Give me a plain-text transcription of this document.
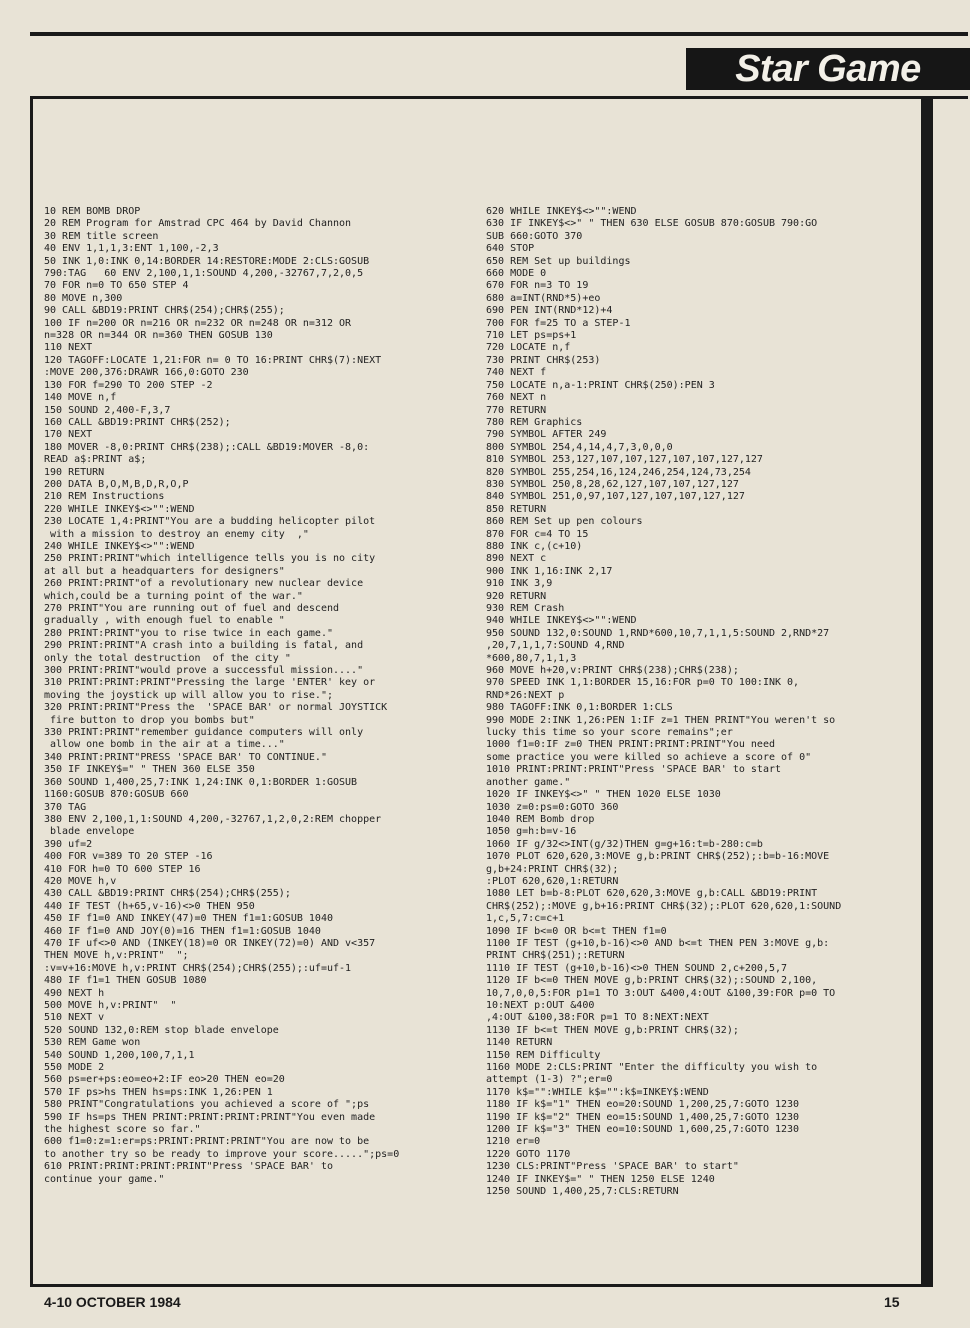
Star Game
10 REM BOMB DROP
20 REM Program for Amstrad CPC 464 by David Channon
30 REM title screen
40 ENV 1,1,1,3:ENT 1,100,-2,3
50 INK 1,0:INK 0,14:BORDER 14:RESTORE:MODE 2:CLS:GOSUB
790:TAG   60 ENV 2,100,1,1:SOUND 4,200,-32767,7,2,0,5
70 FOR n=0 TO 650 STEP 4
80 MOVE n,300
90 CALL &BD19:PRINT CHR$(254);CHR$(255);
100 IF n=200 OR n=216 OR n=232 OR n=248 OR n=312 OR
n=328 OR n=344 OR n=360 THEN GOSUB 130
110 NEXT
120 TAGOFF:LOCATE 1,21:FOR n= 0 TO 16:PRINT CHR$(7):NEXT
:MOVE 200,376:DRAWR 166,0:GOTO 230
130 FOR f=290 TO 200 STEP -2
140 MOVE n,f
150 SOUND 2,400-F,3,7
160 CALL &BD19:PRINT CHR$(252);
170 NEXT
180 MOVER -8,0:PRINT CHR$(238);:CALL &BD19:MOVER -8,0:
READ a$:PRINT a$;
190 RETURN
200 DATA B,O,M,B,D,R,O,P
210 REM Instructions
220 WHILE INKEY$<>"":WEND
230 LOCATE 1,4:PRINT"You are a budding helicopter pilot
with a mission to destroy an enemy city  ,"
240 WHILE INKEY$<>"":WEND
250 PRINT:PRINT"which intelligence tells you is no city
at all but a headquarters for designers"
260 PRINT:PRINT"of a revolutionary new nuclear device
which,could be a turning point of the war."
270 PRINT"You are running out of fuel and descend
gradually , with enough fuel to enable "
280 PRINT:PRINT"you to rise twice in each game."
290 PRINT:PRINT"A crash into a building is fatal, and
only the total destruction  of the city "
300 PRINT:PRINT"would prove a successful mission...."
310 PRINT:PRINT:PRINT"Pressing the large 'ENTER' key or
moving the joystick up will allow you to rise.";
320 PRINT:PRINT"Press the  'SPACE BAR' or normal JOYSTICK
fire button to drop you bombs but"
330 PRINT:PRINT"remember guidance computers will only
allow one bomb in the air at a time..."
340 PRINT:PRINT"PRESS 'SPACE BAR' TO CONTINUE."
350 IF INKEY$=" " THEN 360 ELSE 350
360 SOUND 1,400,25,7:INK 1,24:INK 0,1:BORDER 1:GOSUB
1160:GOSUB 870:GOSUB 660
370 TAG
380 ENV 2,100,1,1:SOUND 4,200,-32767,1,2,0,2:REM chopper
blade envelope
390 uf=2
400 FOR v=389 TO 20 STEP -16
410 FOR h=0 TO 600 STEP 16
420 MOVE h,v
430 CALL &BD19:PRINT CHR$(254);CHR$(255);
440 IF TEST (h+65,v-16)<>0 THEN 950
450 IF f1=0 AND INKEY(47)=0 THEN f1=1:GOSUB 1040
460 IF f1=0 AND JOY(0)=16 THEN f1=1:GOSUB 1040
470 IF uf<>0 AND (INKEY(18)=0 OR INKEY(72)=0) AND v<357
THEN MOVE h,v:PRINT"  ";
:v=v+16:MOVE h,v:PRINT CHR$(254);CHR$(255);:uf=uf-1
480 IF f1=1 THEN GOSUB 1080
490 NEXT h
500 MOVE h,v:PRINT"  "
510 NEXT v
520 SOUND 132,0:REM stop blade envelope
530 REM Game won
540 SOUND 1,200,100,7,1,1
550 MODE 2
560 ps=er+ps:eo=eo+2:IF eo>20 THEN eo=20
570 IF ps>hs THEN hs=ps:INK 1,26:PEN 1
580 PRINT"Congratulations you achieved a score of ";ps
590 IF hs=ps THEN PRINT:PRINT:PRINT:PRINT"You even made
the highest score so far."
600 f1=0:z=1:er=ps:PRINT:PRINT:PRINT"You are now to be
to another try so be ready to improve your score.....";ps=0
610 PRINT:PRINT:PRINT:PRINT"Press 'SPACE BAR' to
continue your game."
620 WHILE INKEY$<>"":WEND
630 IF INKEY$<>" " THEN 630 ELSE GOSUB 870:GOSUB 790:GO
SUB 660:GOTO 370
640 STOP
650 REM Set up buildings
660 MODE 0
670 FOR n=3 TO 19
680 a=INT(RND*5)+eo
690 PEN INT(RND*12)+4
700 FOR f=25 TO a STEP-1
710 LET ps=ps+1
720 LOCATE n,f
730 PRINT CHR$(253)
740 NEXT f
750 LOCATE n,a-1:PRINT CHR$(250):PEN 3
760 NEXT n
770 RETURN
780 REM Graphics
790 SYMBOL AFTER 249
800 SYMBOL 254,4,14,4,7,3,0,0,0
810 SYMBOL 253,127,107,107,127,107,107,127,127
820 SYMBOL 255,254,16,124,246,254,124,73,254
830 SYMBOL 250,8,28,62,127,107,107,127,127
840 SYMBOL 251,0,97,107,127,107,107,127,127
850 RETURN
860 REM Set up pen colours
870 FOR c=4 TO 15
880 INK c,(c+10)
890 NEXT c
900 INK 1,16:INK 2,17
910 INK 3,9
920 RETURN
930 REM Crash
940 WHILE INKEY$<>"":WEND
950 SOUND 132,0:SOUND 1,RND*600,10,7,1,1,5:SOUND 2,RND*27
,20,7,1,1,7:SOUND 4,RND
*600,80,7,1,1,3
960 MOVE h+20,v:PRINT CHR$(238);CHR$(238);
970 SPEED INK 1,1:BORDER 15,16:FOR p=0 TO 100:INK 0,
RND*26:NEXT p
980 TAGOFF:INK 0,1:BORDER 1:CLS
990 MODE 2:INK 1,26:PEN 1:IF z=1 THEN PRINT"You weren't so
lucky this time so your score remains";er
1000 f1=0:IF z=0 THEN PRINT:PRINT:PRINT"You need
some practice you were killed so achieve a score of 0"
1010 PRINT:PRINT:PRINT"Press 'SPACE BAR' to start
another game."
1020 IF INKEY$<>" " THEN 1020 ELSE 1030
1030 z=0:ps=0:GOTO 360
1040 REM Bomb drop
1050 g=h:b=v-16
1060 IF g/32<>INT(g/32)THEN g=g+16:t=b-280:c=b
1070 PLOT 620,620,3:MOVE g,b:PRINT CHR$(252);:b=b-16:MOVE
g,b+24:PRINT CHR$(32);
:PLOT 620,620,1:RETURN
1080 LET b=b-8:PLOT 620,620,3:MOVE g,b:CALL &BD19:PRINT
CHR$(252);:MOVE g,b+16:PRINT CHR$(32);:PLOT 620,620,1:SOUND
1,c,5,7:c=c+1
1090 IF b<=0 OR b<=t THEN f1=0
1100 IF TEST (g+10,b-16)<>0 AND b<=t THEN PEN 3:MOVE g,b:
PRINT CHR$(251);:RETURN
1110 IF TEST (g+10,b-16)<>0 THEN SOUND 2,c+200,5,7
1120 IF b<=0 THEN MOVE g,b:PRINT CHR$(32);:SOUND 2,100,
10,7,0,0,5:FOR p1=1 TO 3:OUT &400,4:OUT &100,39:FOR p=0 TO
10:NEXT p:OUT &400
,4:OUT &100,38:FOR p=1 TO 8:NEXT:NEXT
1130 IF b<=t THEN MOVE g,b:PRINT CHR$(32);
1140 RETURN
1150 REM Difficulty
1160 MODE 2:CLS:PRINT "Enter the difficulty you wish to
attempt (1-3) ?";er=0
1170 k$="":WHILE k$="":k$=INKEY$:WEND
1180 IF k$="1" THEN eo=20:SOUND 1,200,25,7:GOTO 1230
1190 IF k$="2" THEN eo=15:SOUND 1,400,25,7:GOTO 1230
1200 IF k$="3" THEN eo=10:SOUND 1,600,25,7:GOTO 1230
1210 er=0
1220 GOTO 1170
1230 CLS:PRINT"Press 'SPACE BAR' to start"
1240 IF INKEY$=" " THEN 1250 ELSE 1240
1250 SOUND 1,400,25,7:CLS:RETURN
4-10 OCTOBER 1984	15
